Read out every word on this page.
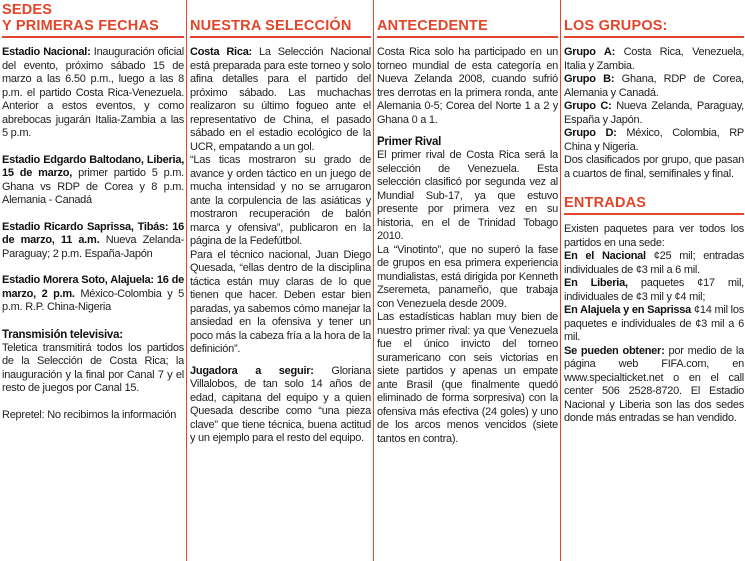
SEDES
Y PRIMERAS FECHAS

Estadio Nacional: Inauguración oficial del evento, próximo sábado 15 de marzo a las 6.50 p.m., luego a las 8 p.m. el partido Costa Rica-Venezuela. Anterior a estos eventos, y como abrebocas jugarán Italia-Zambia a las 5 p.m.

Estadio Edgardo Baltodano, Liberia, 15 de marzo, primer partido 5 p.m. Ghana vs RDP de Corea y 8 p.m. Alemania - Canadá

Estadio Ricardo Saprissa, Tibás: 16 de marzo, 11 a.m. Nueva Zelanda-Paraguay; 2 p.m. España-Japón

Estadio Morera Soto, Alajuela: 16 de marzo, 2 p.m. México-Colombia y 5 p.m. R.P. China-Nigeria

Transmisión televisiva:

Teletica transmitirá todos los partidos de la Selección de Costa Rica; la inauguración y la final por Canal 7 y el resto de juegos por Canal 15.

Repretel: No recibimos la información

NUESTRA SELECCIÓN

Costa Rica: La Selección Nacional está preparada para este torneo y solo afina detalles para el partido del próximo sábado. Las muchachas realizaron su último fogueo ante el representativo de China, el pasado sábado en el estadio ecológico de la UCR, empatando a un gol.

“Las ticas mostraron su grado de avance y orden táctico en un juego de mucha intensidad y no se arrugaron ante la corpulencia de las asiáticas y mostraron recuperación de balón marca y ofensiva”, publicaron en la página de la Fedefútbol.

Para el técnico nacional, Juan Diego Quesada, “ellas dentro de la disciplina táctica están muy claras de lo que tienen que hacer. Deben estar bien paradas, ya sabemos cómo manejar la ansiedad en la ofensiva y tener un poco más la cabeza fría a la hora de la definición”.

Jugadora a seguir: Gloriana Villalobos, de tan solo 14 años de edad, capitana del equipo y a quien Quesada describe como “una pieza clave” que tiene técnica, buena actitud y un ejemplo para el resto del equipo.

ANTECEDENTE

Costa Rica solo ha participado en un torneo mundial de esta categoría en Nueva Zelanda 2008, cuando sufrió tres derrotas en la primera ronda, ante Alemania 0-5; Corea del Norte 1 a 2 y Ghana 0 a 1.

Primer Rival

El primer rival de Costa Rica será la selección de Venezuela. Esta selección clasificó por segunda vez al Mundial Sub-17, ya que estuvo presente por primera vez en su historia, en el de Trinidad Tobago 2010.

La “Vinotinto”, que no superó la fase de grupos en esa primera experiencia mundialistas, está dirigida por Kenneth Zseremeta, panameño, que trabaja con Venezuela desde 2009.

Las estadísticas hablan muy bien de nuestro primer rival: ya que Venezuela fue el único invicto del torneo suramericano con seis victorias en siete partidos y apenas un empate ante Brasil (que finalmente quedó eliminado de forma sorpresiva) con la ofensiva más efectiva (24 goles) y uno de los arcos menos vencidos (siete tantos en contra).

LOS GRUPOS:

Grupo A: Costa Rica, Venezuela, Italia y Zambia.

Grupo B: Ghana, RDP de Corea, Alemania y Canadá.

Grupo C: Nueva Zelanda, Paraguay, España y Japón.

Grupo D: México, Colombia, RP China y Nigeria.

Dos clasificados por grupo, que pasan a cuartos de final, semifinales y final.

ENTRADAS

Existen paquetes para ver todos los partidos en una sede:

En el Nacional ¢25 mil; entradas individuales de ¢3 mil a 6 mil.

En Liberia, paquetes ¢17 mil, individuales de ¢3 mil y ¢4 mil;

En Alajuela y en Saprissa ¢14 mil los paquetes e individuales de ¢3 mil a 6 mil.

Se pueden obtener: por medio de la página web FIFA.com, en www.specialticket.net o en el call center 506 2528-8720. El Estadio Nacional y Liberia son las dos sedes donde más entradas se han vendido.
